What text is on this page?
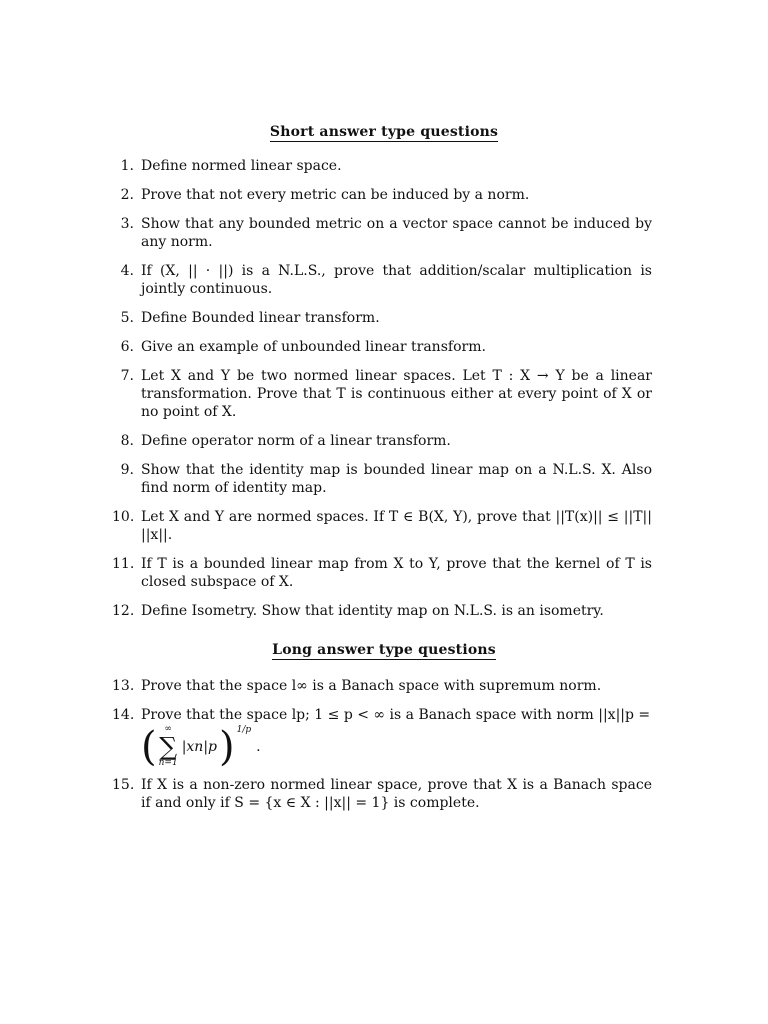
Short answer type questions
1. Define normed linear space.
2. Prove that not every metric can be induced by a norm.
3. Show that any bounded metric on a vector space cannot be induced by any norm.
4. If (X, || · ||) is a N.L.S., prove that addition/scalar multiplication is jointly continuous.
5. Define Bounded linear transform.
6. Give an example of unbounded linear transform.
7. Let X and Y be two normed linear spaces. Let T : X → Y be a linear transformation. Prove that T is continuous either at every point of X or no point of X.
8. Define operator norm of a linear transform.
9. Show that the identity map is bounded linear map on a N.L.S. X. Also find norm of identity map.
10. Let X and Y are normed spaces. If T ∈ B(X, Y), prove that ||T(x)|| ≤ ||T|| ||x||.
11. If T is a bounded linear map from X to Y, prove that the kernel of T is closed subspace of X.
12. Define Isometry. Show that identity map on N.L.S. is an isometry.
Long answer type questions
13. Prove that the space l∞ is a Banach space with supremum norm.
14. Prove that the space lp; 1 ≤ p < ∞ is a Banach space with norm ||x||p =
( ∞
∑
n=1
|xn|p ) 1/p
.
15. If X is a non-zero normed linear space, prove that X is a Banach space if and only if S = {x ∈ X : ||x|| = 1} is complete.
